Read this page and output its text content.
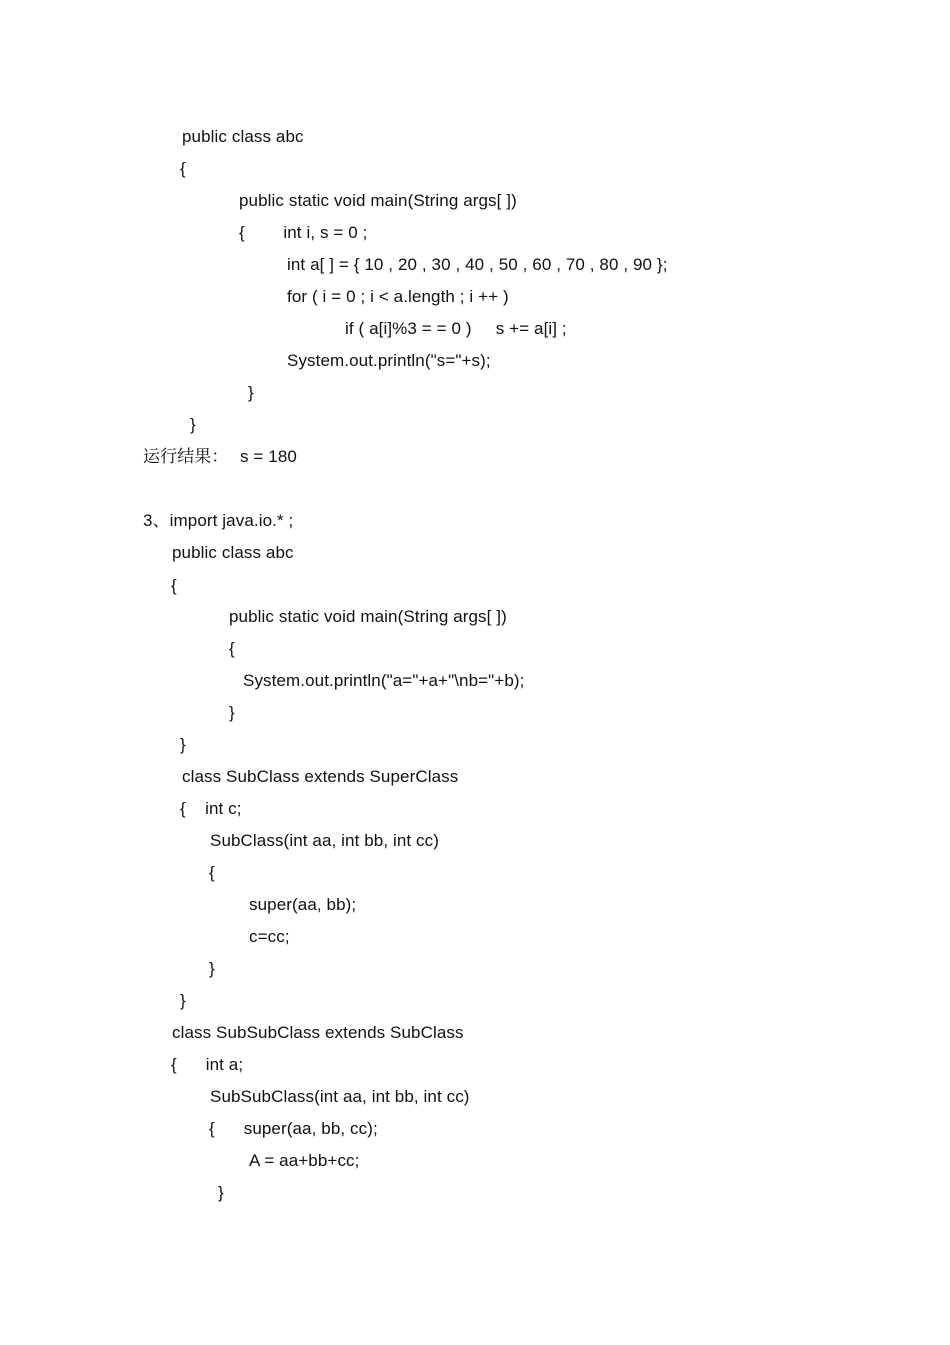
public class abc
{
public static void main(String args[ ])
{        int i, s = 0 ;
int a[ ] = { 10 , 20 , 30 , 40 , 50 , 60 , 70 , 80 , 90 };
for ( i = 0 ; i < a.length ; i ++ )
if ( a[i]%3 = = 0 )     s += a[i] ;
System.out.println("s="+s);
}
}
运行结果： s = 180
3、import java.io.* ;
public class abc
{
public static void main(String args[ ])
{
System.out.println("a="+a+"\nb="+b);
}
}
class SubClass extends SuperClass
{    int c;
SubClass(int aa, int bb, int cc)
{
super(aa, bb);
c=cc;
}
}
class SubSubClass extends SubClass
{      int a;
SubSubClass(int aa, int bb, int cc)
{      super(aa, bb, cc);
A = aa+bb+cc;
}
